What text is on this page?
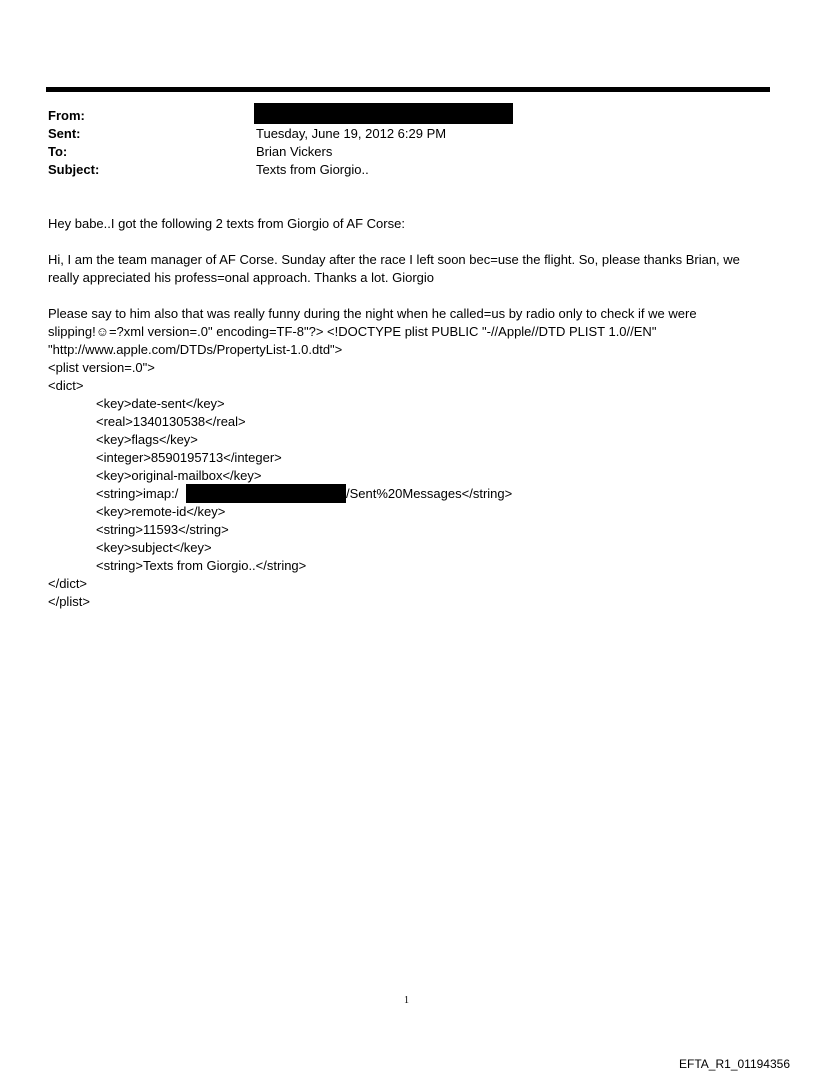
From:
Sent:	Tuesday, June 19, 2012 6:29 PM
To:	Brian Vickers
Subject:	Texts from Giorgio..
Hey babe..I got the following 2 texts from Giorgio of AF Corse:
Hi, I am the team manager of AF Corse. Sunday after the race I left soon bec=use the flight. So, please thanks Brian, we
really appreciated his profess=onal approach. Thanks a lot. Giorgio
Please say to him also that was really funny during the night when he called=us by radio only to check if we were
slipping!☺=?xml version=.0" encoding=TF-8"?> <!DOCTYPE plist PUBLIC "-//Apple//DTD PLIST 1.0//EN"
"http://www.apple.com/DTDs/PropertyList-1.0.dtd">
<plist version=.0">
<dict>
<key>date-sent</key>
<real>1340130538</real>
<key>flags</key>
<integer>8590195713</integer>
<key>original-mailbox</key>
<string>imap:/	/Sent%20Messages</string>
<key>remote-id</key>
<string>11593</string>
<key>subject</key>
<string>Texts from Giorgio..</string>
</dict>
</plist>
1
EFTA_R1_01194356
